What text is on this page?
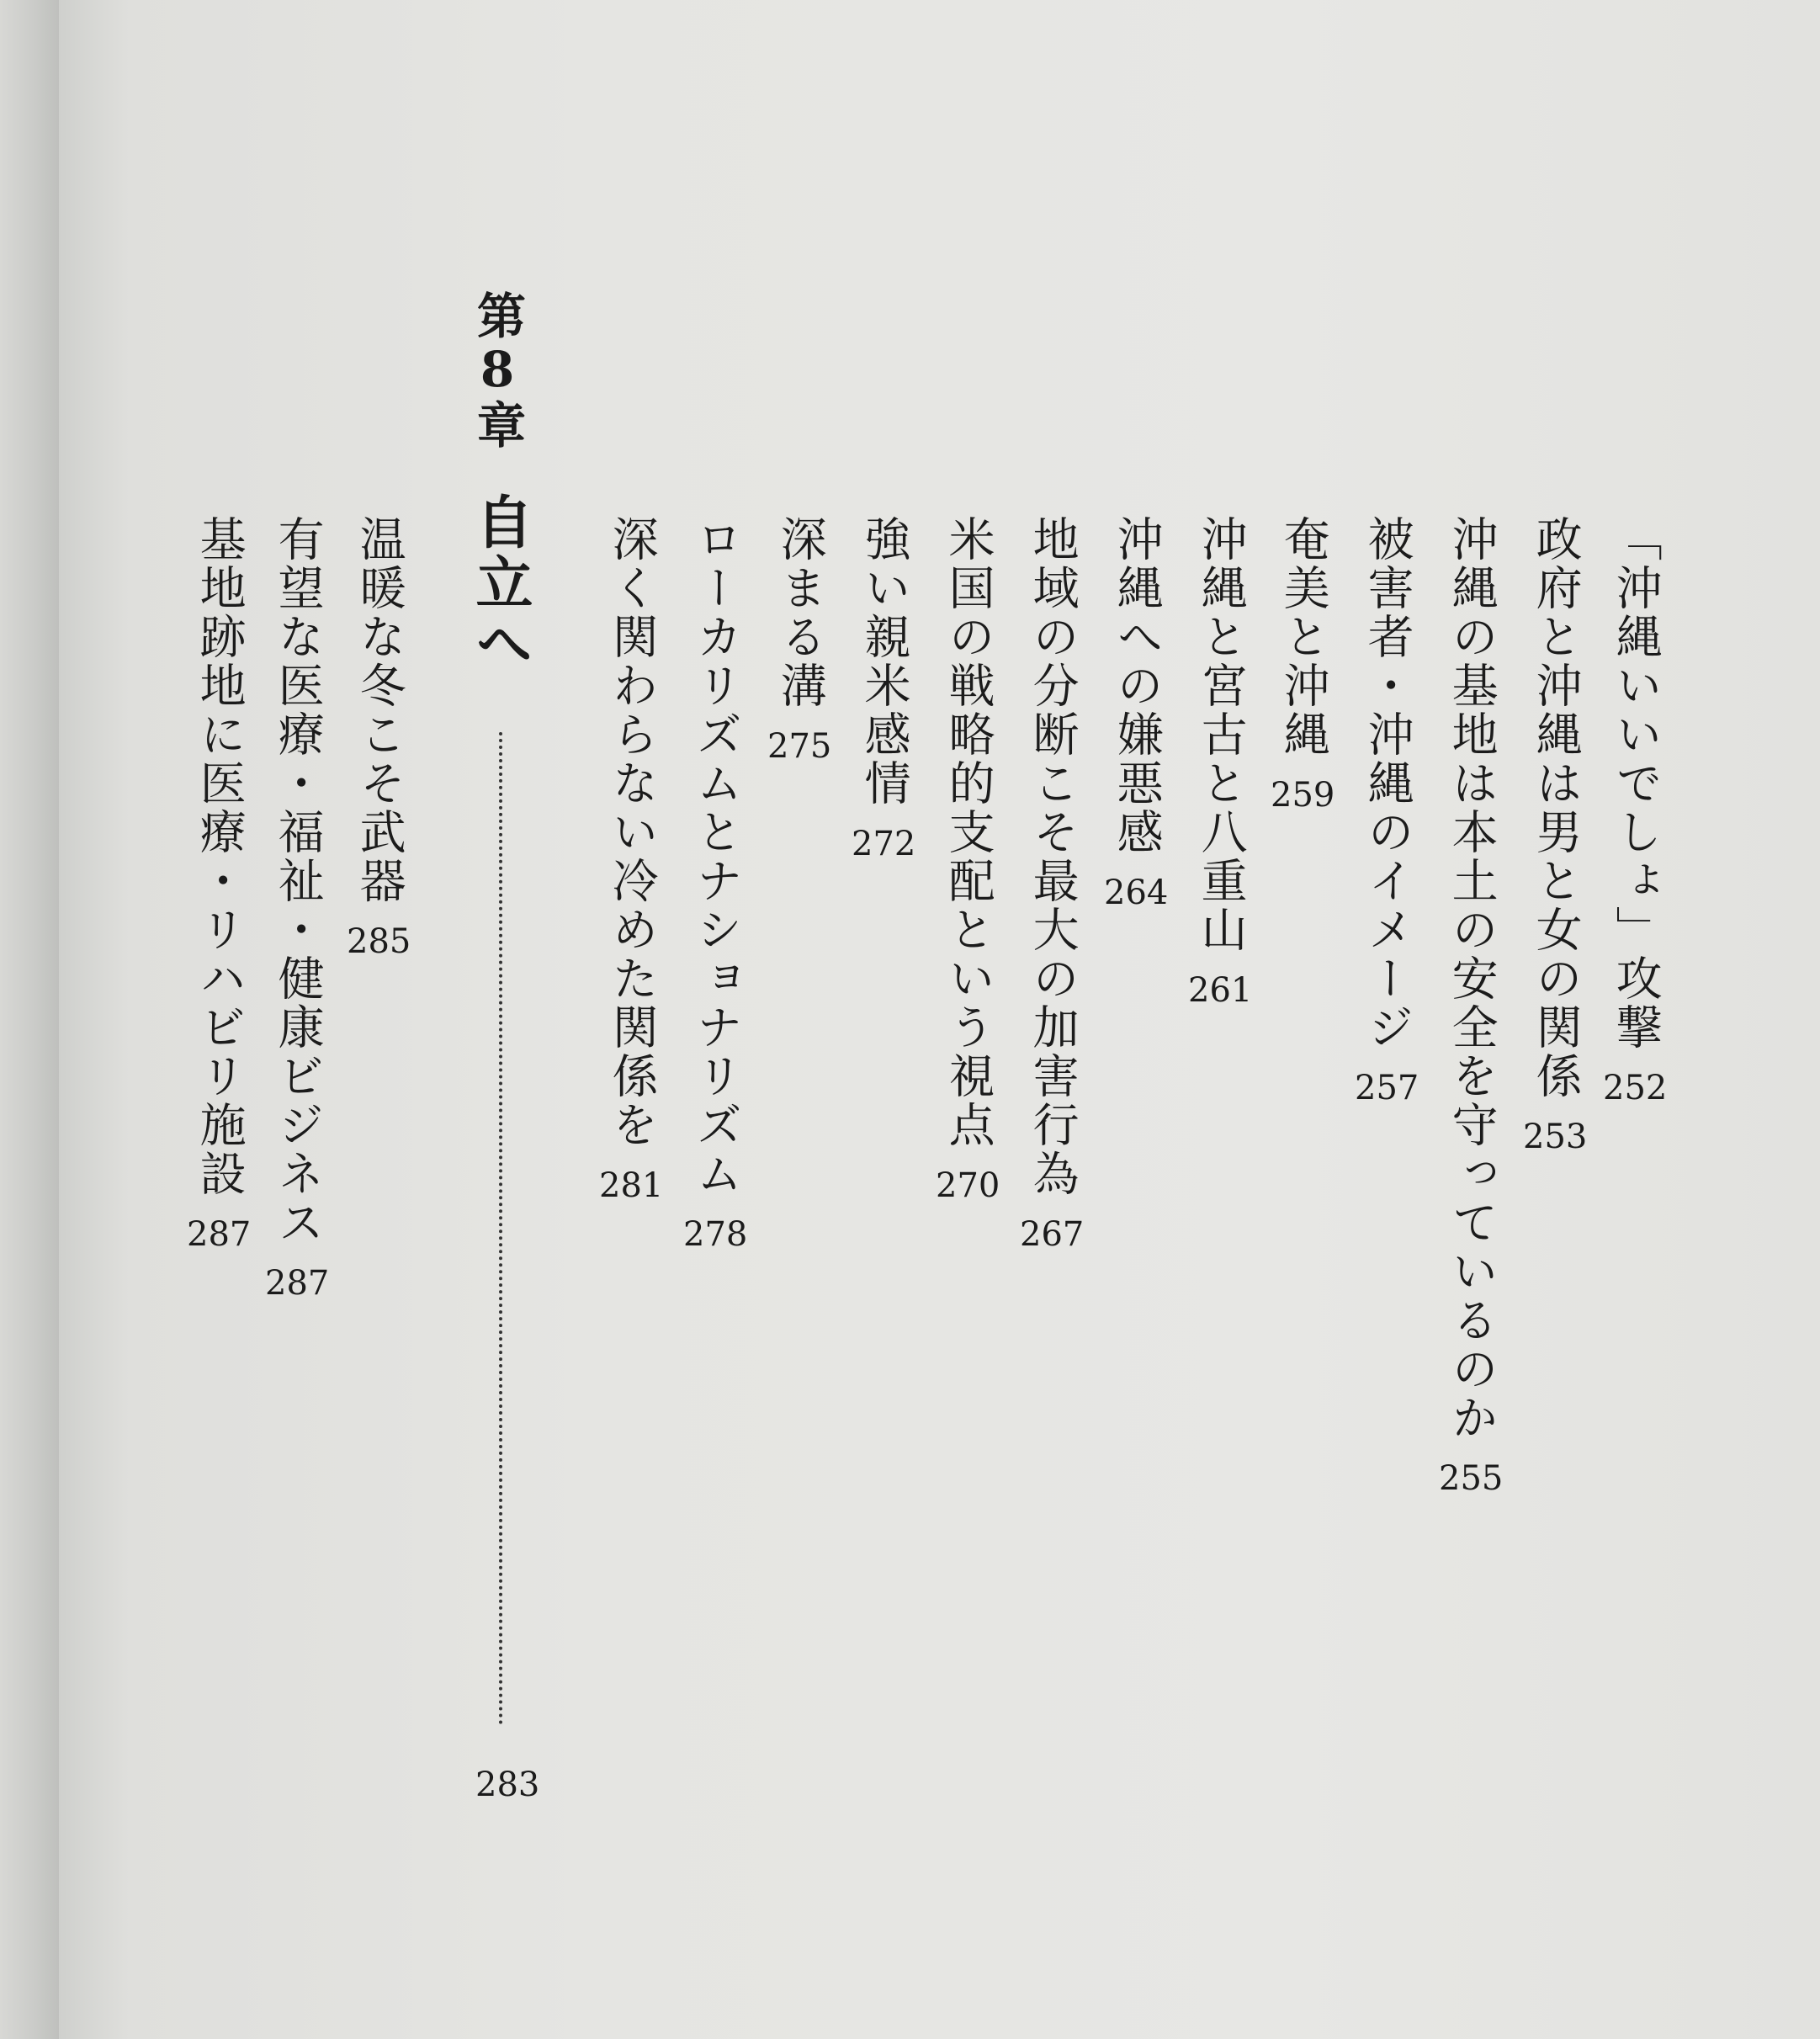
「沖縄いいでしょ」攻撃
252
政府と沖縄は男と女の関係
253
沖縄の基地は本土の安全を守っているのか
255
被害者・沖縄のイメージ
257
奄美と沖縄
259
沖縄と宮古と八重山
261
沖縄への嫌悪感
264
地域の分断こそ最大の加害行為
267
米国の戦略的支配という視点
270
強い親米感情
272
深まる溝
275
ローカリズムとナショナリズム
278
深く関わらない冷めた関係を
281
第8章
自立へ
283
温暖な冬こそ武器
285
有望な医療・福祉・健康ビジネス
287
基地跡地に医療・リハビリ施設
287
